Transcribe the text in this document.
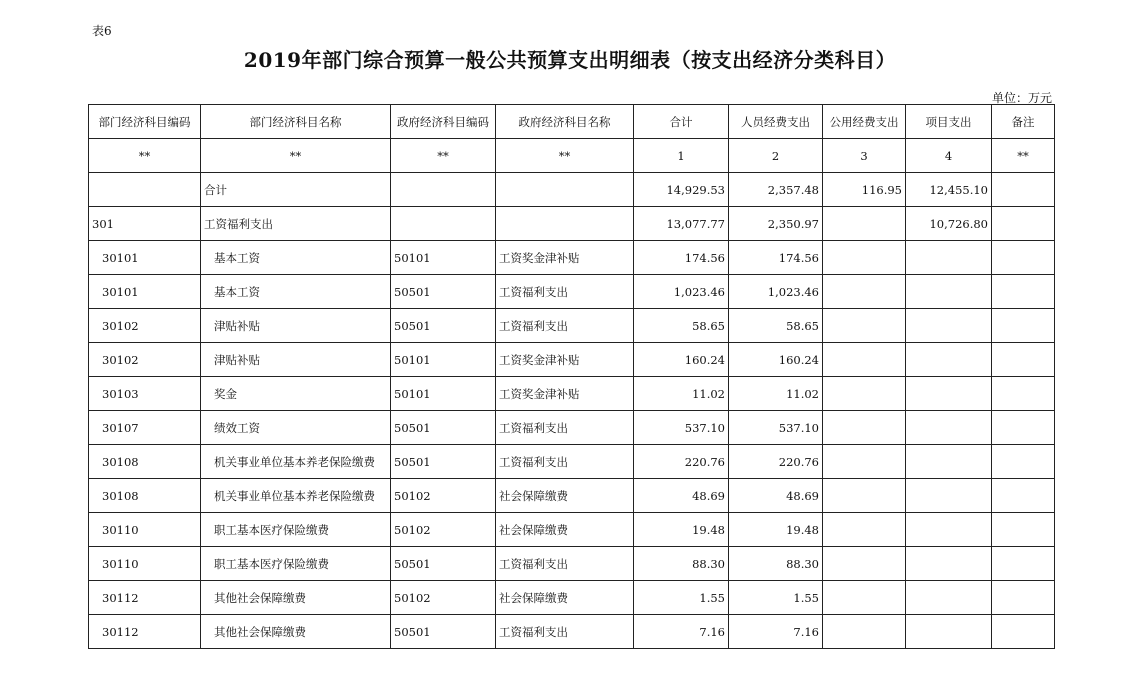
表6
2019年部门综合预算一般公共预算支出明细表（按支出经济分类科目）
单位：万元
部门经济科目编码	部门经济科目名称	政府经济科目编码	政府经济科目名称	合计	人员经费支出	公用经费支出	项目支出	备注
**	**	**	**	1	2	3	4	**
	合计			14,929.53	2,357.48	116.95	12,455.10	
301	工资福利支出			13,077.77	2,350.97		10,726.80	
30101	基本工资	50101	工资奖金津补贴	174.56	174.56			
30101	基本工资	50501	工资福利支出	1,023.46	1,023.46			
30102	津贴补贴	50501	工资福利支出	58.65	58.65			
30102	津贴补贴	50101	工资奖金津补贴	160.24	160.24			
30103	奖金	50101	工资奖金津补贴	11.02	11.02			
30107	绩效工资	50501	工资福利支出	537.10	537.10			
30108	机关事业单位基本养老保险缴费	50501	工资福利支出	220.76	220.76			
30108	机关事业单位基本养老保险缴费	50102	社会保障缴费	48.69	48.69			
30110	职工基本医疗保险缴费	50102	社会保障缴费	19.48	19.48			
30110	职工基本医疗保险缴费	50501	工资福利支出	88.30	88.30			
30112	其他社会保障缴费	50102	社会保障缴费	1.55	1.55			
30112	其他社会保障缴费	50501	工资福利支出	7.16	7.16			
